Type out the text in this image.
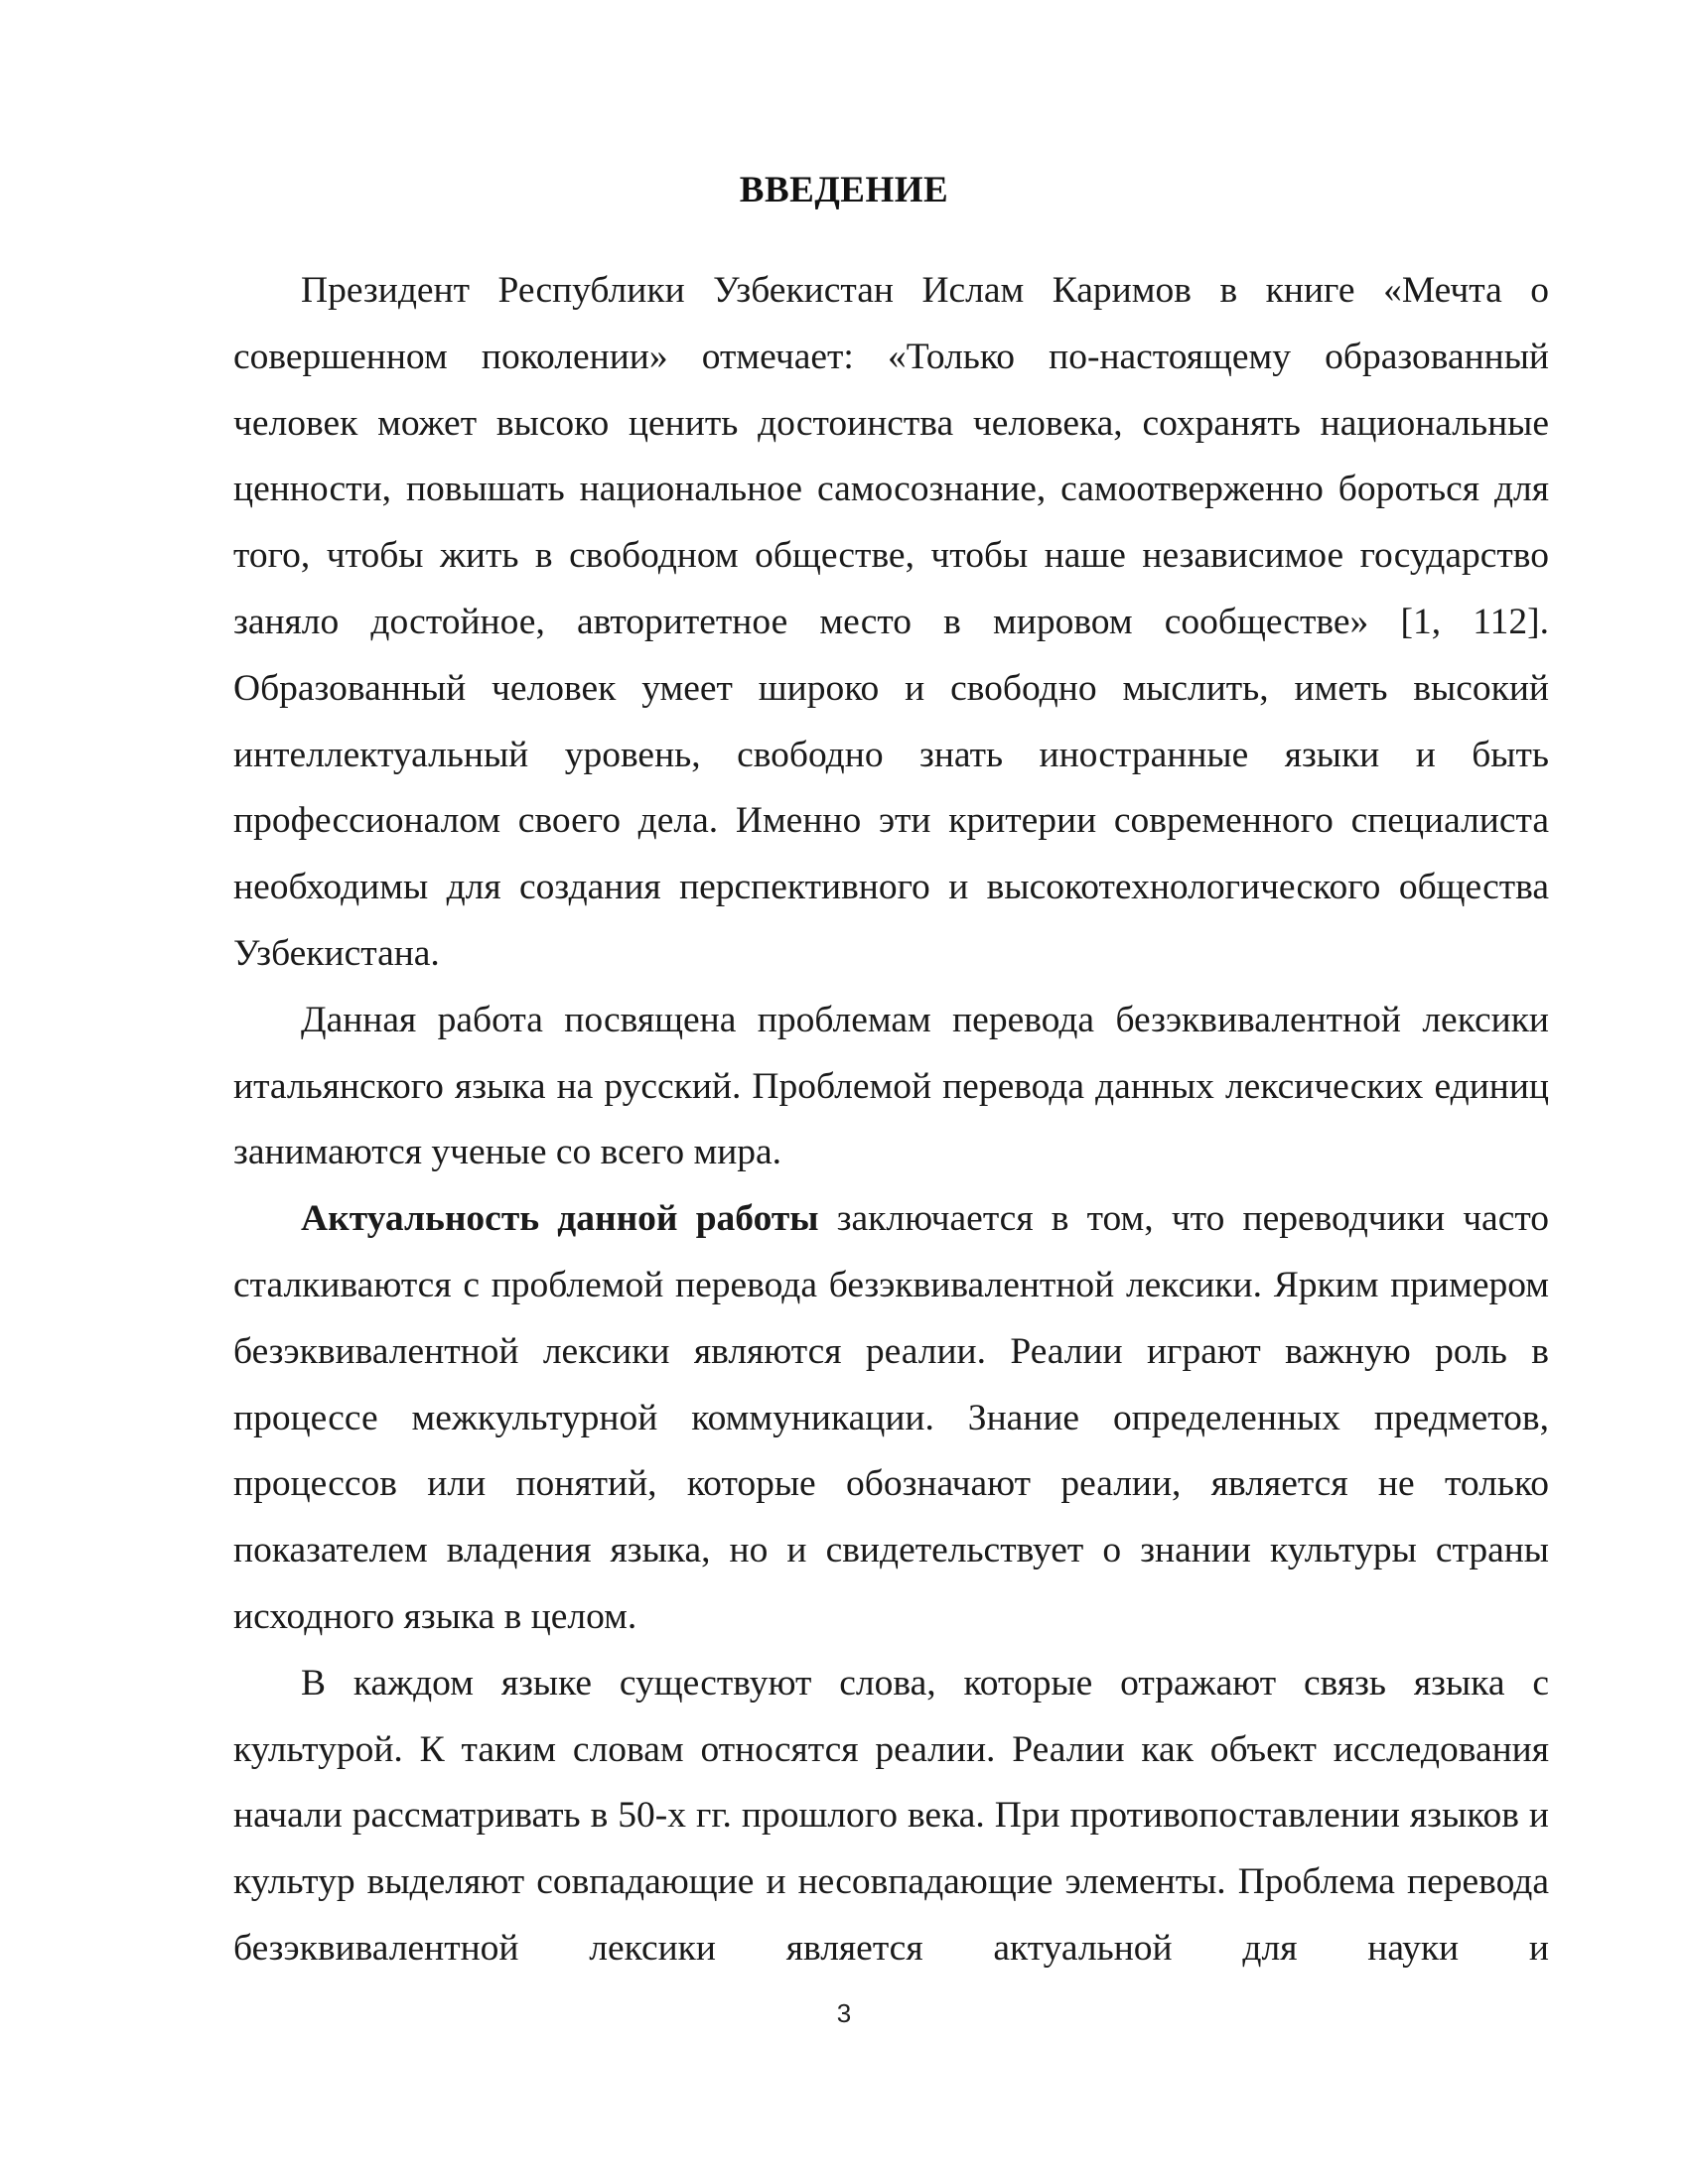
ВВЕДЕНИЕ

Президент Республики Узбекистан Ислам Каримов в книге «Мечта о совершенном поколении» отмечает: «Только по-настоящему образованный человек может высоко ценить достоинства человека, сохранять национальные ценности, повышать национальное самосознание, самоотверженно бороться для того, чтобы жить в свободном обществе, чтобы наше независимое государство заняло достойное, авторитетное место в мировом сообществе» [1, 112]. Образованный человек умеет широко и свободно мыслить, иметь высокий интеллектуальный уровень, свободно знать иностранные языки и быть профессионалом своего дела. Именно эти критерии современного специалиста необходимы для создания перспективного и высокотехнологического общества Узбекистана.

Данная работа посвящена проблемам перевода безэквивалентной лексики итальянского языка на русский. Проблемой перевода данных лексических единиц занимаются ученые со всего мира.

Актуальность данной работы заключается в том, что переводчики часто сталкиваются с проблемой перевода безэквивалентной лексики. Ярким примером безэквивалентной лексики являются реалии. Реалии играют важную роль в процессе межкультурной коммуникации. Знание определенных предметов, процессов или понятий, которые обозначают реалии, является не только показателем владения языка, но и свидетельствует о знании культуры страны исходного языка в целом.

В каждом языке существуют слова, которые отражают связь языка с культурой. К таким словам относятся реалии. Реалии как объект исследования начали рассматривать в 50-х гг. прошлого века. При противопоставлении языков и культур выделяют совпадающие и несовпадающие элементы. Проблема перевода безэквивалентной лексики является актуальной для науки и

3
